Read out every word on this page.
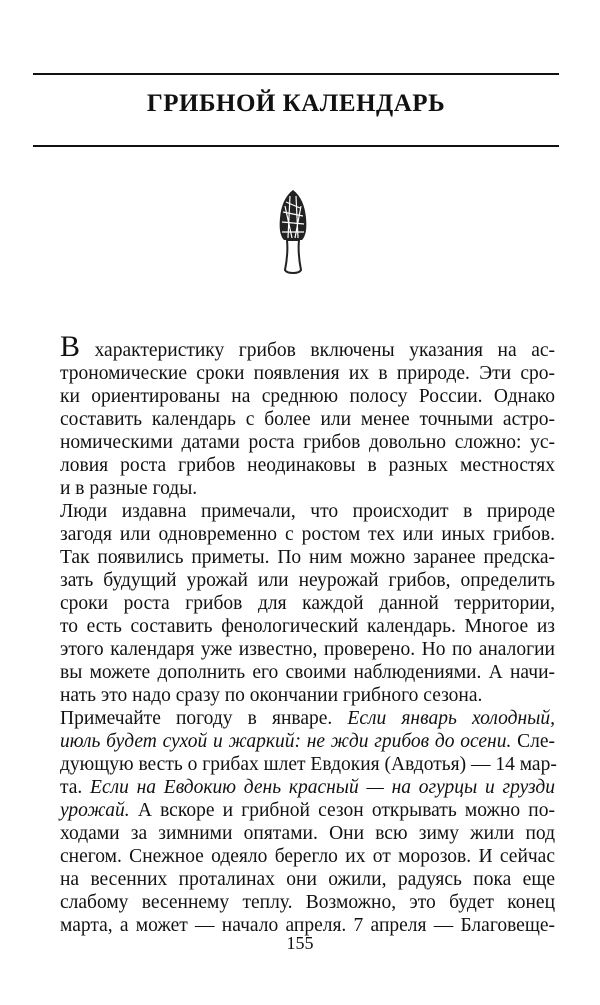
ГРИБНОЙ КАЛЕНДАРЬ

В характеристику грибов включены указания на ас-
трономические сроки появления их в природе. Эти сро-
ки ориентированы на среднюю полосу России. Однако
составить календарь с более или менее точными астро-
номическими датами роста грибов довольно сложно: ус-
ловия роста грибов неодинаковы в разных местностях
и в разные годы.

Люди издавна примечали, что происходит в природе
загодя или одновременно с ростом тех или иных грибов.
Так появились приметы. По ним можно заранее предска-
зать будущий урожай или неурожай грибов, определить
сроки роста грибов для каждой данной территории,
то есть составить фенологический календарь. Многое из
этого календаря уже известно, проверено. Но по аналогии
вы можете дополнить его своими наблюдениями. А начи-
нать это надо сразу по окончании грибного сезона.

Примечайте погоду в январе. Если январь холодный,
июль будет сухой и жаркий: не жди грибов до осени. Сле-
дующую весть о грибах шлет Евдокия (Авдотья) — 14 мар-
та. Если на Евдокию день красный — на огурцы и грузди
урожай. А вскоре и грибной сезон открывать можно по-
ходами за зимними опятами. Они всю зиму жили под
снегом. Снежное одеяло берегло их от морозов. И сейчас
на весенних проталинах они ожили, радуясь пока еще
слабому весеннему теплу. Возможно, это будет конец
марта, а может — начало апреля. 7 апреля — Благовеще-

155
